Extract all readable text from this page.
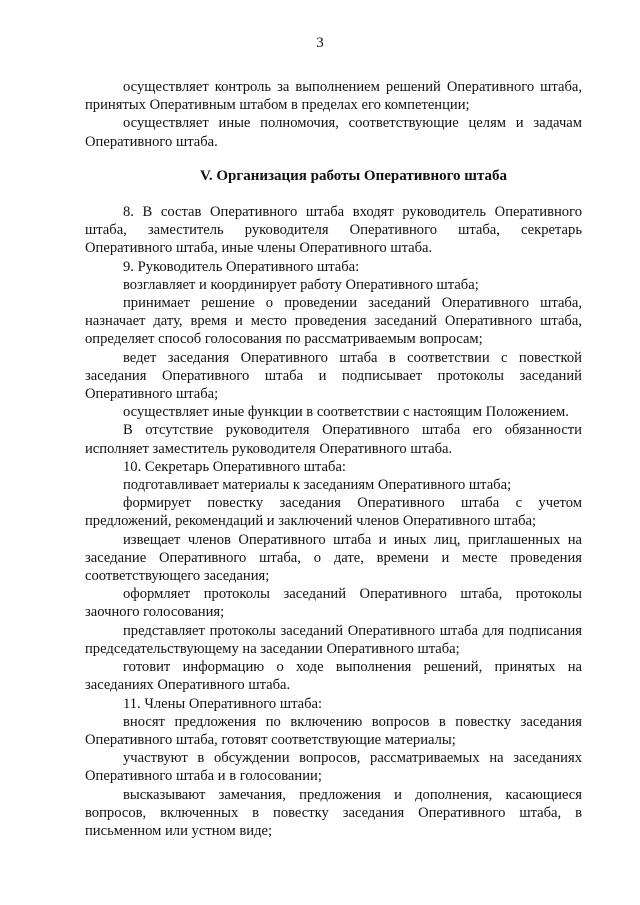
3

осуществляет контроль за выполнением решений Оперативного штаба, принятых Оперативным штабом в пределах его компетенции;

осуществляет иные полномочия, соответствующие целям и задачам Оперативного штаба.

V. Организация работы Оперативного штаба

8. В состав Оперативного штаба входят руководитель Оперативного штаба, заместитель руководителя Оперативного штаба, секретарь Оперативного штаба, иные члены Оперативного штаба.

9. Руководитель Оперативного штаба:

возглавляет и координирует работу Оперативного штаба;

принимает решение о проведении заседаний Оперативного штаба, назначает дату, время и место проведения заседаний Оперативного штаба, определяет способ голосования по рассматриваемым вопросам;

ведет заседания Оперативного штаба в соответствии с повесткой заседания Оперативного штаба и подписывает протоколы заседаний Оперативного штаба;

осуществляет иные функции в соответствии с настоящим Положением.

В отсутствие руководителя Оперативного штаба его обязанности исполняет заместитель руководителя Оперативного штаба.

10. Секретарь Оперативного штаба:

подготавливает материалы к заседаниям Оперативного штаба;

формирует повестку заседания Оперативного штаба с учетом предложений, рекомендаций и заключений членов Оперативного штаба;

извещает членов Оперативного штаба и иных лиц, приглашенных на заседание Оперативного штаба, о дате, времени и месте проведения соответствующего заседания;

оформляет протоколы заседаний Оперативного штаба, протоколы заочного голосования;

представляет протоколы заседаний Оперативного штаба для подписания председательствующему на заседании Оперативного штаба;

готовит информацию о ходе выполнения решений, принятых на заседаниях Оперативного штаба.

11. Члены Оперативного штаба:

вносят предложения по включению вопросов в повестку заседания Оперативного штаба, готовят соответствующие материалы;

участвуют в обсуждении вопросов, рассматриваемых на заседаниях Оперативного штаба и в голосовании;

высказывают замечания, предложения и дополнения, касающиеся вопросов, включенных в повестку заседания Оперативного штаба, в письменном или устном виде;
